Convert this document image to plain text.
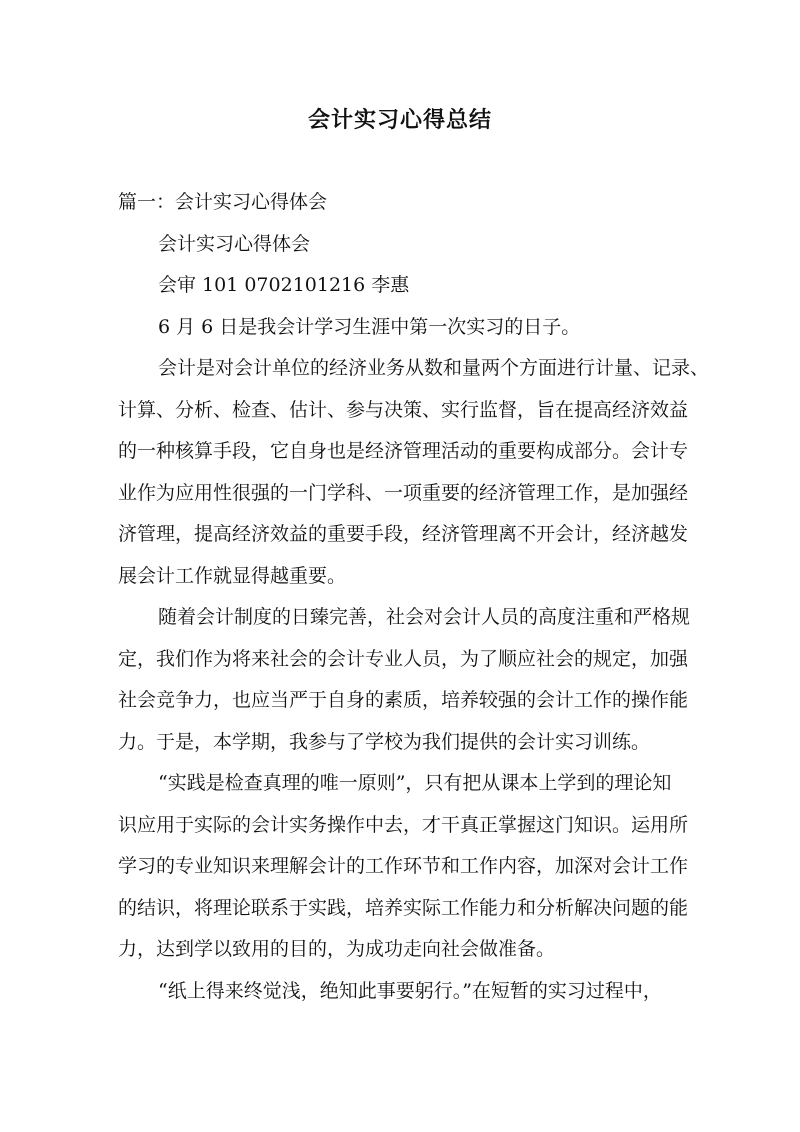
会计实习心得总结
篇一：会计实习心得体会
会计实习心得体会
会审 101 0702101216 李惠
6 月 6 日是我会计学习生涯中第一次实习的日子。
会计是对会计单位的经济业务从数和量两个方面进行计量、记录、
计算、分析、检查、估计、参与决策、实行监督，旨在提高经济效益
的一种核算手段，它自身也是经济管理活动的重要构成部分。会计专
业作为应用性很强的一门学科、一项重要的经济管理工作，是加强经
济管理，提高经济效益的重要手段，经济管理离不开会计，经济越发
展会计工作就显得越重要。
随着会计制度的日臻完善，社会对会计人员的高度注重和严格规
定，我们作为将来社会的会计专业人员，为了顺应社会的规定，加强
社会竞争力，也应当严于自身的素质，培养较强的会计工作的操作能
力。于是，本学期，我参与了学校为我们提供的会计实习训练。
“实践是检查真理的唯一原则”，只有把从课本上学到的理论知
识应用于实际的会计实务操作中去，才干真正掌握这门知识。运用所
学习的专业知识来理解会计的工作环节和工作内容，加深对会计工作
的结识，将理论联系于实践，培养实际工作能力和分析解决问题的能
力，达到学以致用的目的，为成功走向社会做准备。
“纸上得来终觉浅，绝知此事要躬行。”在短暂的实习过程中，
